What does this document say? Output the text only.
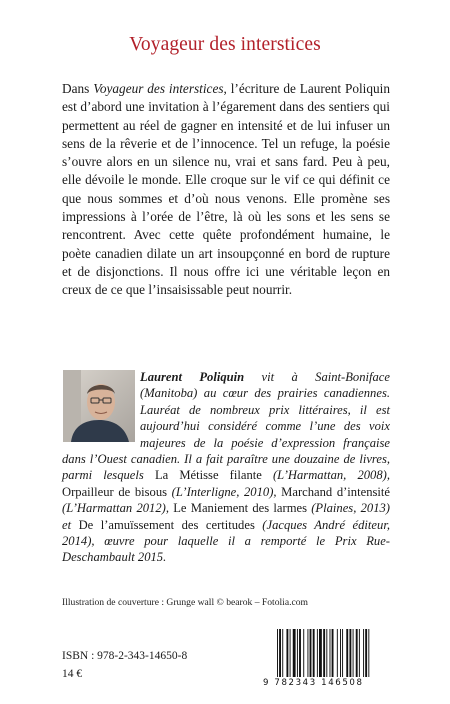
Voyageur des interstices

Dans Voyageur des interstices, l’écriture de Laurent Poliquin est d’abord une invitation à l’égarement dans des sentiers qui permettent au réel de gagner en intensité et de lui infuser un sens de la rêverie et de l’innocence. Tel un refuge, la poésie s’ouvre alors en un silence nu, vrai et sans fard. Peu à peu, elle dévoile le monde. Elle croque sur le vif ce qui définit ce que nous sommes et d’où nous venons. Elle promène ses impressions à l’orée de l’être, là où les sons et les sens se rencontrent. Avec cette quête profondément humaine, le poète canadien dilate un art insoupçonné en bord de rupture et de disjonctions. Il nous offre ici une véritable leçon en creux de ce que l’insaisissable peut nourrir.

Laurent Poliquin vit à Saint-Boniface (Manitoba) au cœur des prairies canadiennes. Lauréat de nombreux prix littéraires, il est aujourd’hui considéré comme l’une des voix majeures de la poésie d’expression française dans l’Ouest canadien. Il a fait paraître une douzaine de livres, parmi lesquels La Métisse filante (L’Harmattan, 2008), Orpailleur de bisous (L’Interligne, 2010), Marchand d’intensité (L’Harmattan 2012), Le Maniement des larmes (Plaines, 2013) et De l’amuïssement des certitudes (Jacques André éditeur, 2014), œuvre pour laquelle il a remporté le Prix Rue-Deschambault 2015.

Illustration de couverture : Grunge wall © bearok – Fotolia.com
ISBN : 978-2-343-14650-8
14 €
9 782343 146508
